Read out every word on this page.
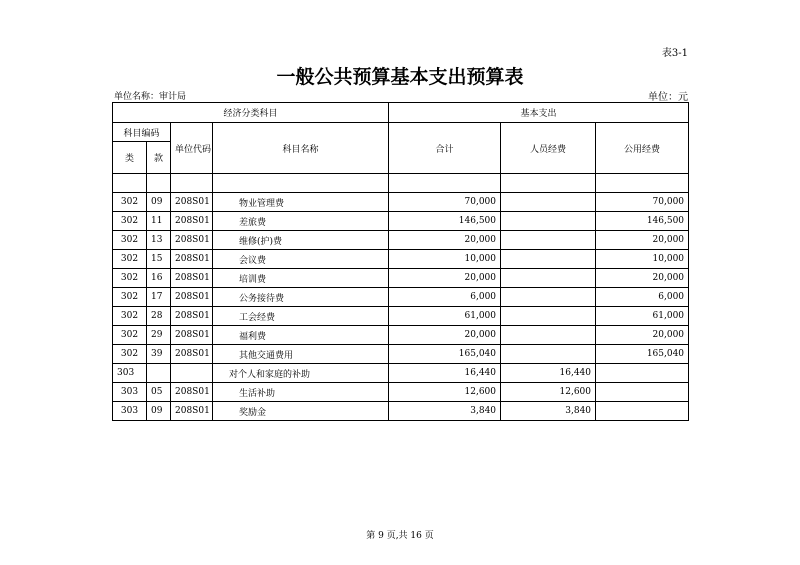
表3-1
一般公共预算基本支出预算表
单位名称：审计局	单位：元
经济分类科目				基本支出		
科目编码		单位代码	科目名称	合计	人员经费	公用经费
类	款					

302	09	208S01	物业管理费	70,000		70,000
302	11	208S01	差旅费	146,500		146,500
302	13	208S01	维修(护)费	20,000		20,000
302	15	208S01	会议费	10,000		10,000
302	16	208S01	培训费	20,000		20,000
302	17	208S01	公务接待费	6,000		6,000
302	28	208S01	工会经费	61,000		61,000
302	29	208S01	福利费	20,000		20,000
302	39	208S01	其他交通费用	165,040		165,040
303			对个人和家庭的补助	16,440	16,440	
303	05	208S01	生活补助	12,600	12,600	
303	09	208S01	奖励金	3,840	3,840	
第 9 页,共 16 页
